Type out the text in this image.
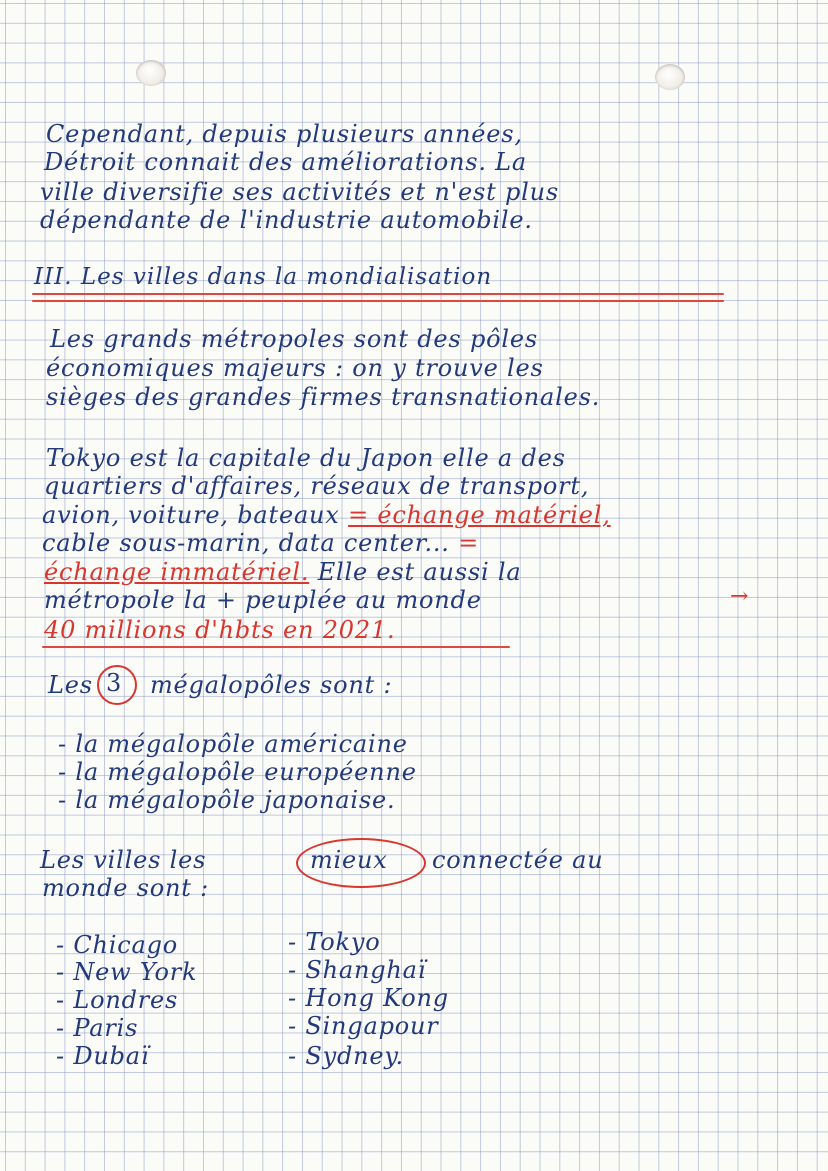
Cependant, depuis plusieurs années,

Détroit connait des améliorations. La

ville diversifie ses activités et n'est plus

dépendante de l'industrie automobile.

III. Les villes dans la mondialisation

Les grands métropoles sont des pôles

économiques majeurs : on y trouve les

sièges des grandes firmes transnationales.

Tokyo est la capitale du Japon elle a des

quartiers d'affaires, réseaux de transport,

avion, voiture, bateaux = échange matériel,

cable sous-marin, data center... =

échange immatériel. Elle est aussi la

métropole la + peuplée au monde	→

40 millions d'hbts en 2021.

Les 3 mégalopôles sont :

- la mégalopôle américaine

- la mégalopôle européenne

- la mégalopôle japonaise.

Les villes les	mieux connectée au

monde sont :

- Chicago

- New York

- Londres

- Paris

- Dubaï

- Tokyo

- Shanghaï

- Hong Kong

- Singapour

- Sydney.
